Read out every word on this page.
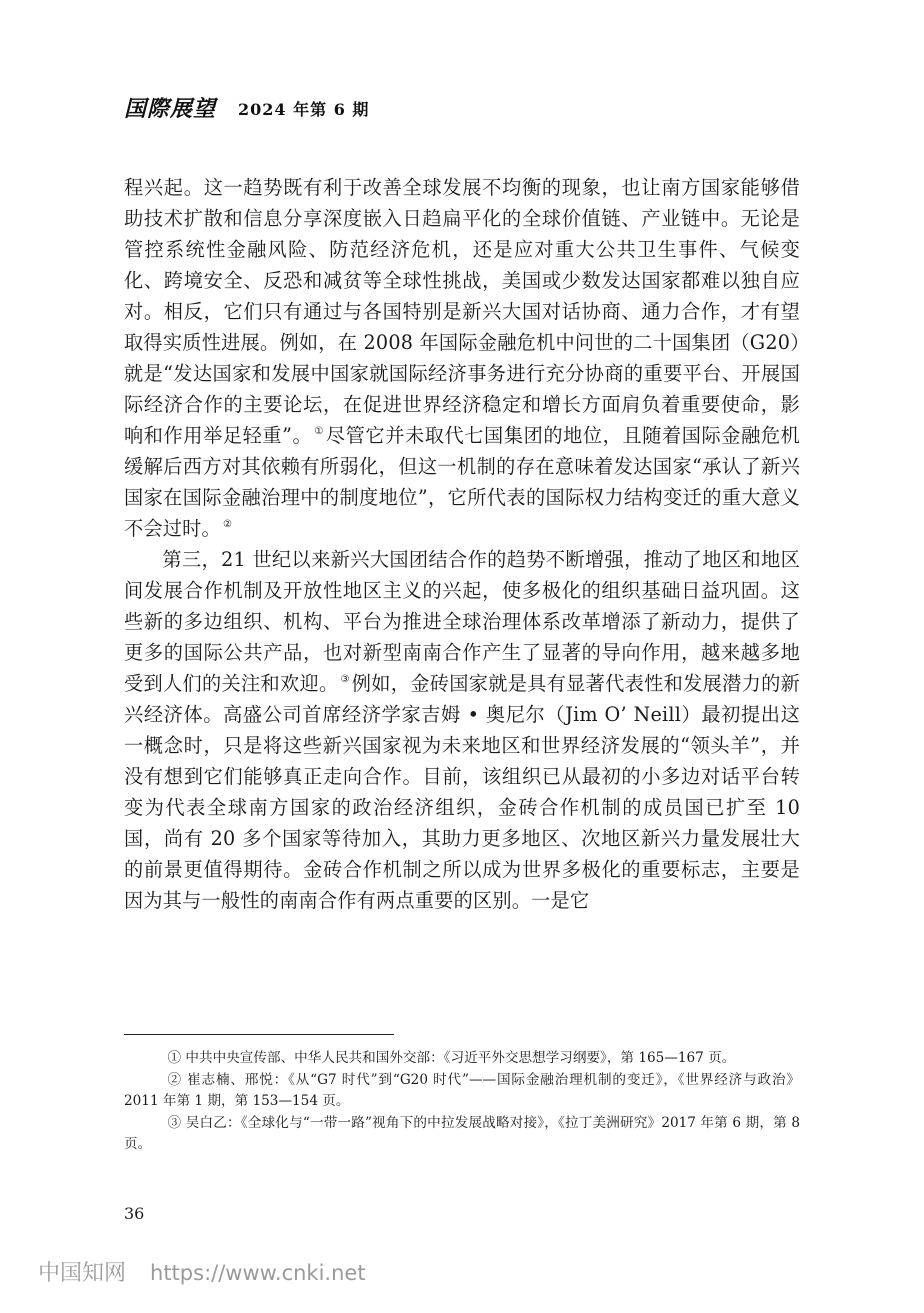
国際展望 2024 年第 6 期

程兴起。这一趋势既有利于改善全球发展不均衡的现象，也让南方国家能够借助技术扩散和信息分享深度嵌入日趋扁平化的全球价值链、产业链中。无论是管控系统性金融风险、防范经济危机，还是应对重大公共卫生事件、气候变化、跨境安全、反恐和减贫等全球性挑战，美国或少数发达国家都难以独自应对。相反，它们只有通过与各国特别是新兴大国对话协商、通力合作，才有望取得实质性进展。例如，在 2008 年国际金融危机中问世的二十国集团（G20）就是“发达国家和发展中国家就国际经济事务进行充分协商的重要平台、开展国际经济合作的主要论坛，在促进世界经济稳定和增长方面肩负着重要使命，影响和作用举足轻重”。 ① 尽管它并未取代七国集团的地位，且随着国际金融危机缓解后西方对其依赖有所弱化，但这一机制的存在意味着发达国家“承认了新兴国家在国际金融治理中的制度地位”，它所代表的国际权力结构变迁的重大意义不会过时。 ②

第三，21 世纪以来新兴大国团结合作的趋势不断增强，推动了地区和地区间发展合作机制及开放性地区主义的兴起，使多极化的组织基础日益巩固。这些新的多边组织、机构、平台为推进全球治理体系改革增添了新动力，提供了更多的国际公共产品，也对新型南南合作产生了显著的导向作用，越来越多地受到人们的关注和欢迎。 ③ 例如，金砖国家就是具有显著代表性和发展潜力的新兴经济体。高盛公司首席经济学家吉姆 • 奥尼尔（Jim O’ Neill）最初提出这一概念时，只是将这些新兴国家视为未来地区和世界经济发展的“领头羊”，并没有想到它们能够真正走向合作。目前，该组织已从最初的小多边对话平台转变为代表全球南方国家的政治经济组织，金砖合作机制的成员国已扩至 10 国，尚有 20 多个国家等待加入，其助力更多地区、次地区新兴力量发展壮大的前景更值得期待。金砖合作机制之所以成为世界多极化的重要标志，主要是因为其与一般性的南南合作有两点重要的区别。一是它

① 中共中央宣传部、中华人民共和国外交部：《习近平外交思想学习纲要》，第 165—167 页。

② 崔志楠、邢悦：《从“G7 时代”到“G20 时代”——国际金融治理机制的变迁》，《世界经济与政治》2011 年第 1 期，第 153—154 页。

③ 吴白乙：《全球化与“一带一路”视角下的中拉发展战略对接》，《拉丁美洲研究》2017 年第 6 期，第 8 页。

36
中国知网 https://www.cnki.net
